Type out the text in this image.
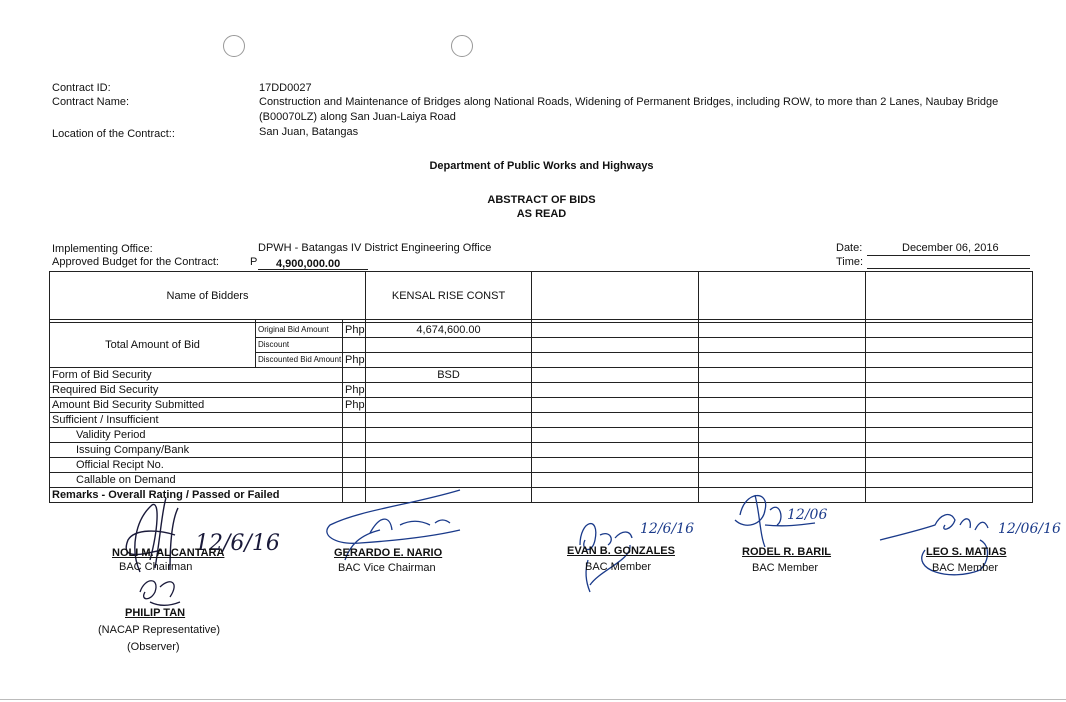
Contract ID:	17DD0027
Contract Name:	Construction and Maintenance of Bridges along National Roads, Widening of Permanent Bridges, including ROW, to more than 2 Lanes, Naubay Bridge
(B00070LZ) along San Juan-Laiya Road
Location of the Contract::	San Juan, Batangas
Department of Public Works and Highways
ABSTRACT OF BIDS
AS READ
Implementing Office:	DPWH - Batangas IV District Engineering Office
Approved Budget for the Contract:	P 4,900,000.00
Date:	December 06, 2016
Time:
Name of Bidders			KENSAL RISE CONST			

Total Amount of Bid	Original Bid Amount	Php	4,674,600.00			
	Discount					
	Discounted Bid Amount	Php				
Form of Bid Security			BSD			
Required Bid Security		Php				
Amount Bid Security Submitted		Php				
Sufficient / Insufficient						
Validity Period						
Issuing Company/Bank						
Official Recipt No.						
Callable on Demand						
Remarks - Overall Rating / Passed or Failed						
12/6/16
NOLI M. ALCANTARA
BAC Chairman
GERARDO E. NARIO
BAC Vice Chairman
12/6/16
EVAN B. GONZALES
BAC Member
12/06
RODEL R. BARIL
BAC Member
12/06/16
LEO S. MATIAS
BAC Member
PHILIP TAN
(NACAP Representative)
(Observer)
